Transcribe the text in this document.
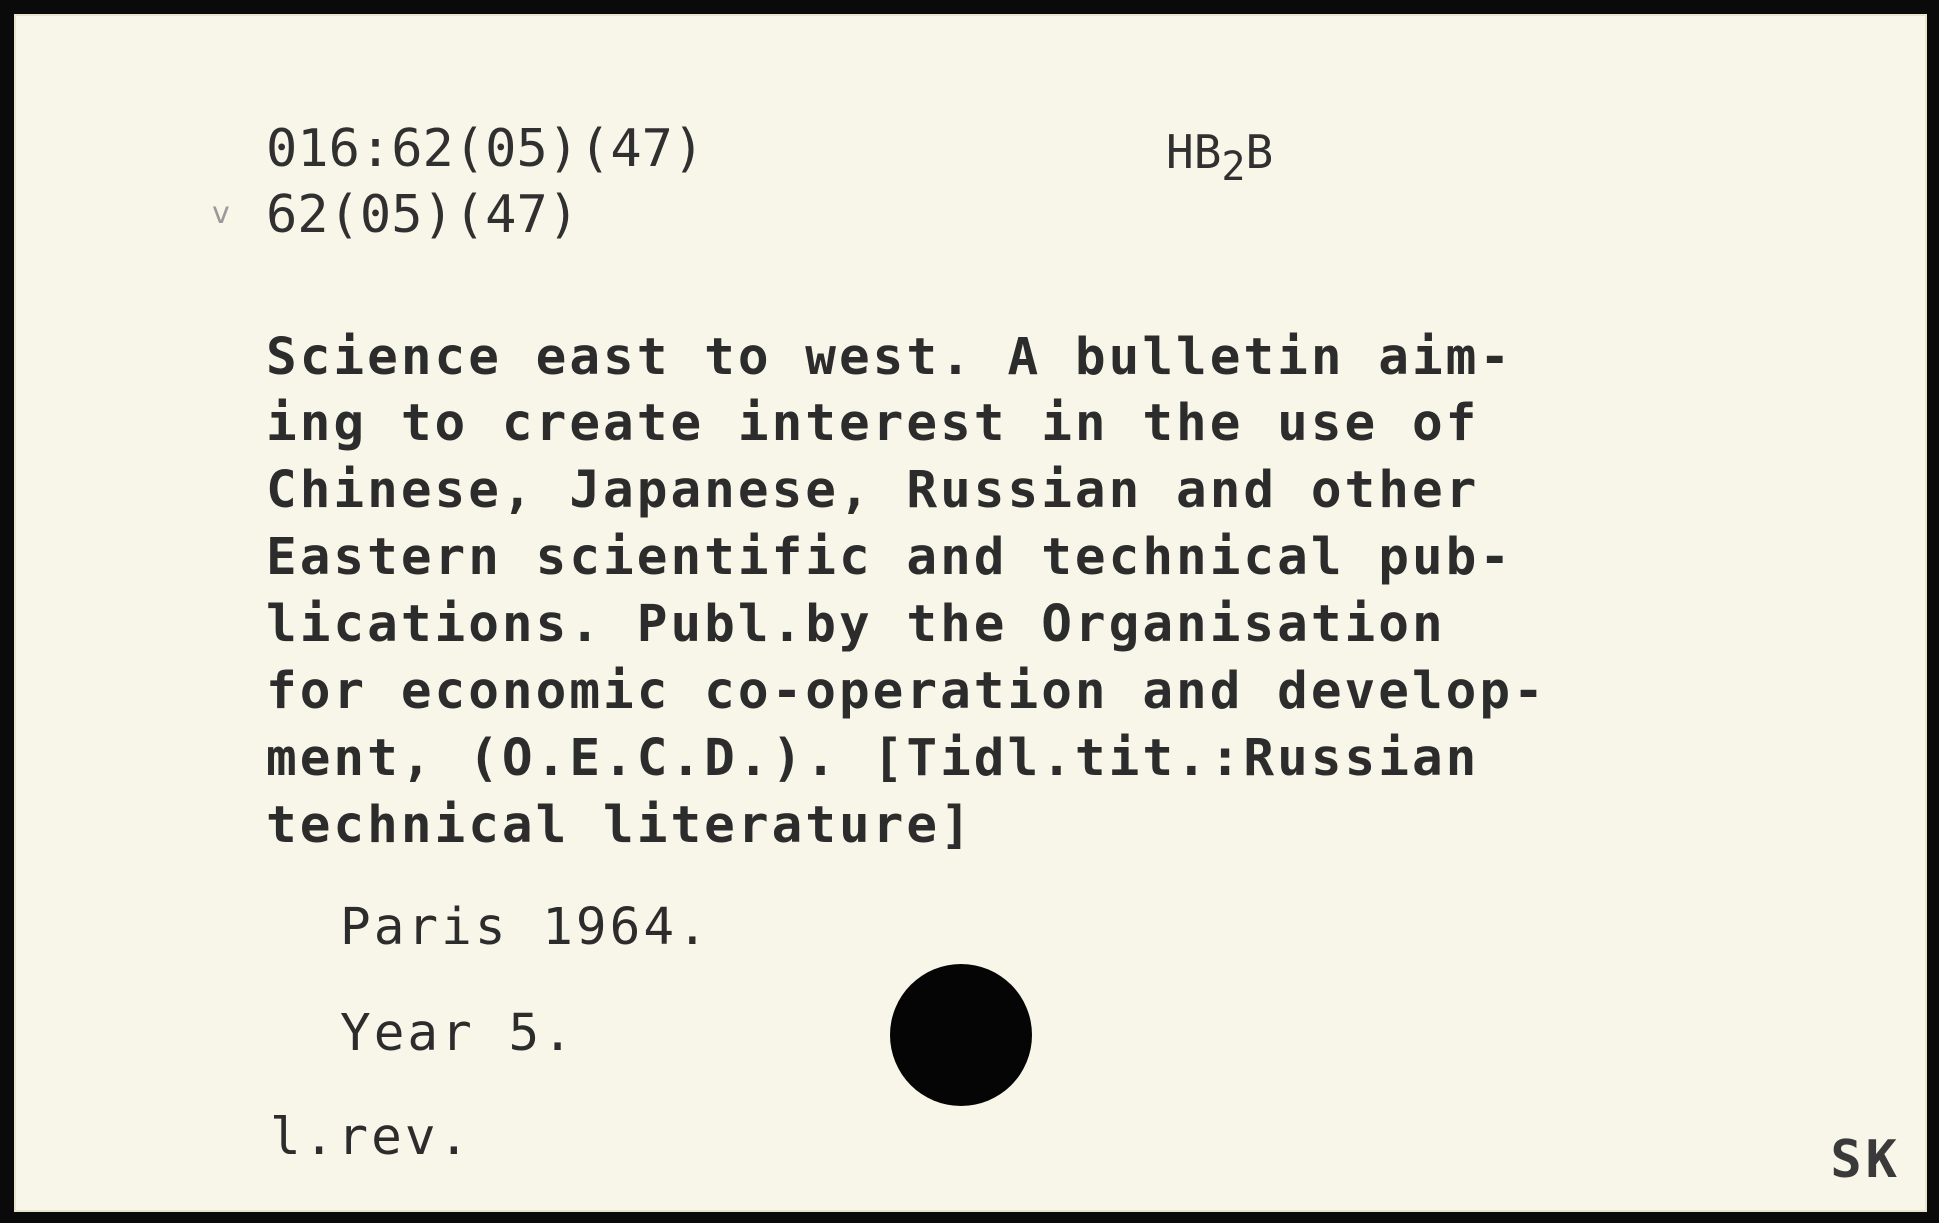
v
016:62(05)(47)
62(05)(47)
$HB_2B$
Science east to west. A bulletin aim-
ing to create interest in the use of
Chinese, Japanese, Russian and other
Eastern scientific and technical pub-
lications. Publ.by the Organisation
for economic co-operation and develop-
ment, (O.E.C.D.). [Tidl.tit.:Russian
technical literature]
Paris 1964.
Year 5.
l.rev.	SK
